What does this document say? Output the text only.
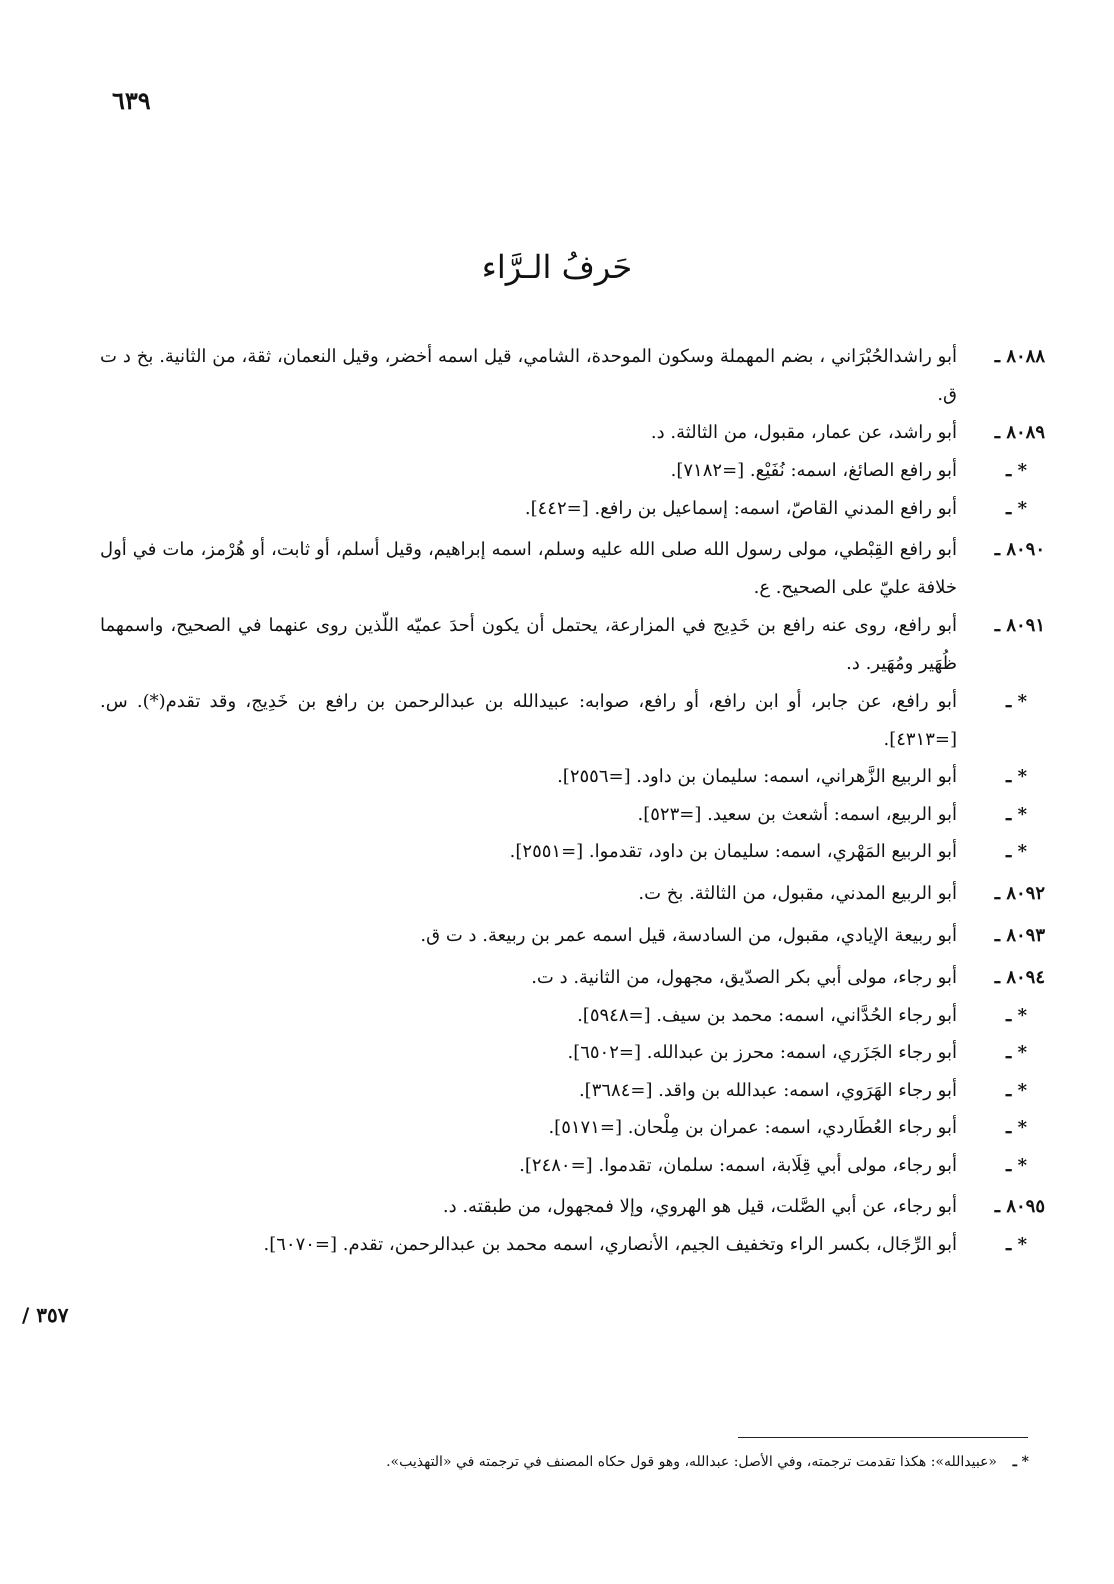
٦٣٩
/ ٣٥٧
حَرفُ الـرَّاء
٨٠٨٨ ـ
أبو راشدالحُبْرَاني ، بضم المهملة وسكون الموحدة، الشامي، قيل اسمه أخضر، وقيل النعمان، ثقة، من الثانية. بخ د ت ق.
٨٠٨٩ ـ
أبو راشد، عن عمار، مقبول، من الثالثة. د.
* ـ
أبو رافع الصائغ، اسمه: نُفَيْع. [=٧١٨٢].
* ـ
أبو رافع المدني القاصّ، اسمه: إسماعيل بن رافع. [=٤٤٢].
٨٠٩٠ ـ
أبو رافع القِبْطي، مولى رسول الله صلى الله عليه وسلم، اسمه إبراهيم، وقيل أسلم، أو ثابت، أو هُرْمز، مات في أول خلافة عليّ على الصحيح. ع.
٨٠٩١ ـ
أبو رافع، روى عنه رافع بن خَدِيج في المزارعة، يحتمل أن يكون أحدَ عميّه اللّذين روى عنهما في الصحيح، واسمهما ظُهَير ومُهَير. د.
* ـ
أبو رافع، عن جابر، أو ابن رافع، أو رافع، صوابه: عبيدالله بن عبدالرحمن بن رافع بن خَدِيج، وقد تقدم(*). س. [=٤٣١٣].
* ـ
أبو الربيع الزَّهراني، اسمه: سليمان بن داود. [=٢٥٥٦].
* ـ
أبو الربيع، اسمه: أشعث بن سعيد. [=٥٢٣].
* ـ
أبو الربيع المَهْري، اسمه: سليمان بن داود، تقدموا. [=٢٥٥١].
٨٠٩٢ ـ
أبو الربيع المدني، مقبول، من الثالثة. بخ ت.
٨٠٩٣ ـ
أبو ربيعة الإيادي، مقبول، من السادسة، قيل اسمه عمر بن ربيعة. د ت ق.
٨٠٩٤ ـ
أبو رجاء، مولى أبي بكر الصدّيق، مجهول، من الثانية. د ت.
* ـ
أبو رجاء الحُدَّاني، اسمه: محمد بن سيف. [=٥٩٤٨].
* ـ
أبو رجاء الجَزَري، اسمه: محرز بن عبدالله. [=٦٥٠٢].
* ـ
أبو رجاء الهَرَوي، اسمه: عبدالله بن واقد. [=٣٦٨٤].
* ـ
أبو رجاء العُطَاردي، اسمه: عمران بن مِلْحان. [=٥١٧١].
* ـ
أبو رجاء، مولى أبي قِلَابة، اسمه: سلمان، تقدموا. [=٢٤٨٠].
٨٠٩٥ ـ
أبو رجاء، عن أبي الصَّلت، قيل هو الهروي، وإلا فمجهول، من طبقته. د.
* ـ
أبو الرِّجَال، بكسر الراء وتخفيف الجيم، الأنصاري، اسمه محمد بن عبدالرحمن، تقدم. [=٦٠٧٠].
* ـ
«عبيدالله»: هكذا تقدمت ترجمته، وفي الأصل: عبدالله، وهو قول حكاه المصنف في ترجمته في «التهذيب».
